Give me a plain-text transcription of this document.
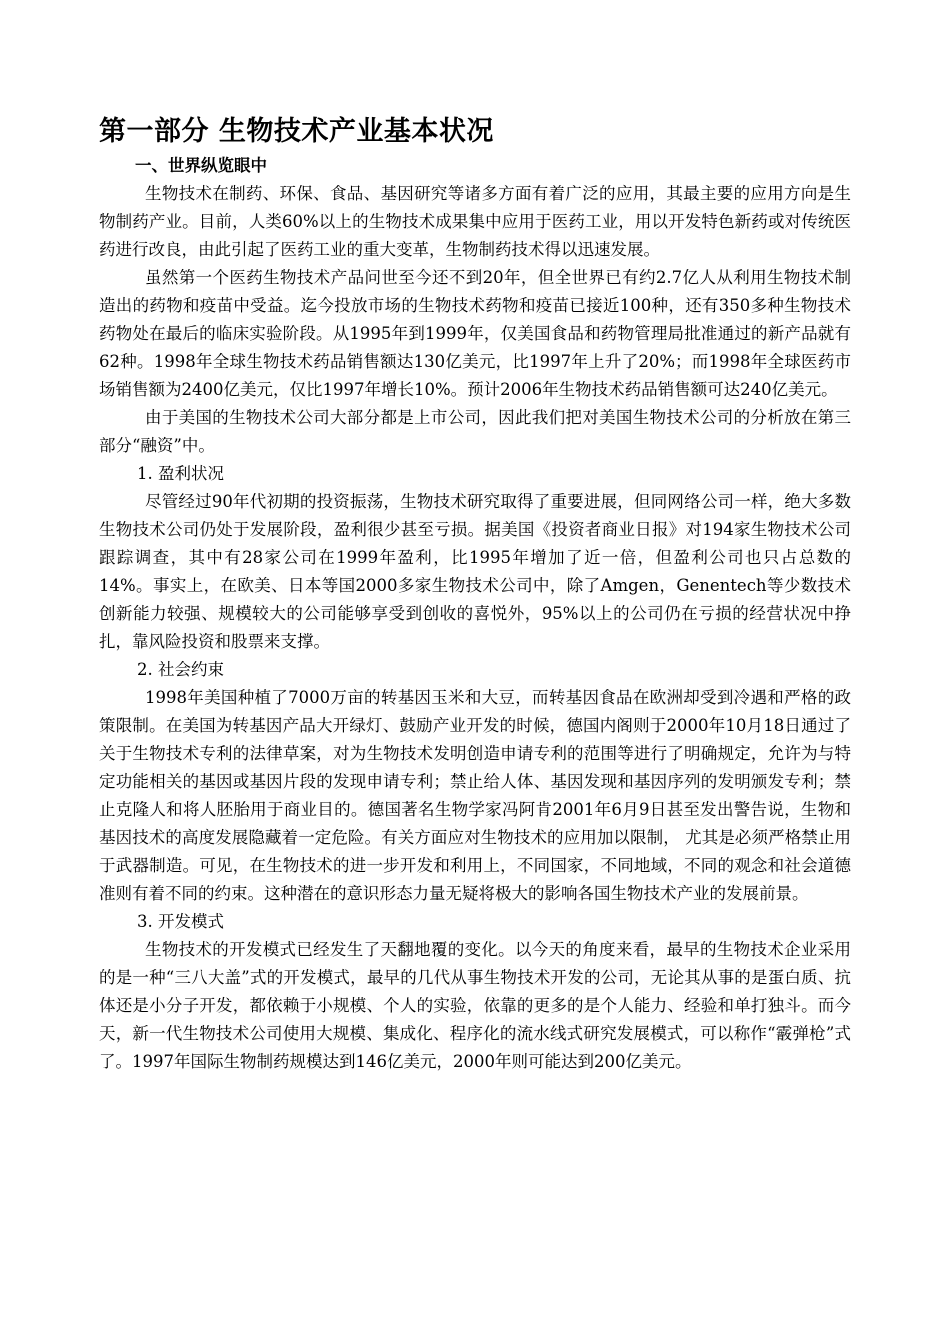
第一部分 生物技术产业基本状况

一、世界纵览眼中

生物技术在制药、环保、食品、基因研究等诸多方面有着广泛的应用，其最主要的应用方向是生物制药产业。目前，人类60%以上的生物技术成果集中应用于医药工业，用以开发特色新药或对传统医药进行改良，由此引起了医药工业的重大变革，生物制药技术得以迅速发展。

虽然第一个医药生物技术产品问世至今还不到20年，但全世界已有约2.7亿人从利用生物技术制造出的药物和疫苗中受益。迄今投放市场的生物技术药物和疫苗已接近100种，还有350多种生物技术药物处在最后的临床实验阶段。从1995年到1999年，仅美国食品和药物管理局批准通过的新产品就有62种。1998年全球生物技术药品销售额达130亿美元，比1997年上升了20%；而1998年全球医药市场销售额为2400亿美元，仅比1997年增长10%。预计2006年生物技术药品销售额可达240亿美元。

由于美国的生物技术公司大部分都是上市公司，因此我们把对美国生物技术公司的分析放在第三部分“融资”中。

1. 盈利状况

尽管经过90年代初期的投资振荡，生物技术研究取得了重要进展，但同网络公司一样，绝大多数生物技术公司仍处于发展阶段，盈利很少甚至亏损。据美国《投资者商业日报》对194家生物技术公司跟踪调查，其中有28家公司在1999年盈利，比1995年增加了近一倍，但盈利公司也只占总数的14%。事实上，在欧美、日本等国2000多家生物技术公司中，除了Amgen，Genentech等少数技术创新能力较强、规模较大的公司能够享受到创收的喜悦外，95%以上的公司仍在亏损的经营状况中挣扎，靠风险投资和股票来支撑。

2. 社会约束

1998年美国种植了7000万亩的转基因玉米和大豆，而转基因食品在欧洲却受到冷遇和严格的政策限制。在美国为转基因产品大开绿灯、鼓励产业开发的时候，德国内阁则于2000年10月18日通过了关于生物技术专利的法律草案，对为生物技术发明创造申请专利的范围等进行了明确规定，允许为与特定功能相关的基因或基因片段的发现申请专利；禁止给人体、基因发现和基因序列的发明颁发专利；禁止克隆人和将人胚胎用于商业目的。德国著名生物学家冯阿肯2001年6月9日甚至发出警告说，生物和基因技术的高度发展隐藏着一定危险。有关方面应对生物技术的应用加以限制， 尤其是必须严格禁止用于武器制造。可见，在生物技术的进一步开发和利用上，不同国家，不同地域，不同的观念和社会道德准则有着不同的约束。这种潜在的意识形态力量无疑将极大的影响各国生物技术产业的发展前景。

3. 开发模式

生物技术的开发模式已经发生了天翻地覆的变化。以今天的角度来看，最早的生物技术企业采用的是一种“三八大盖”式的开发模式，最早的几代从事生物技术开发的公司，无论其从事的是蛋白质、抗体还是小分子开发，都依赖于小规模、个人的实验，依靠的更多的是个人能力、经验和单打独斗。而今天，新一代生物技术公司使用大规模、集成化、程序化的流水线式研究发展模式，可以称作“霰弹枪”式了。1997年国际生物制药规模达到146亿美元，2000年则可能达到200亿美元。
